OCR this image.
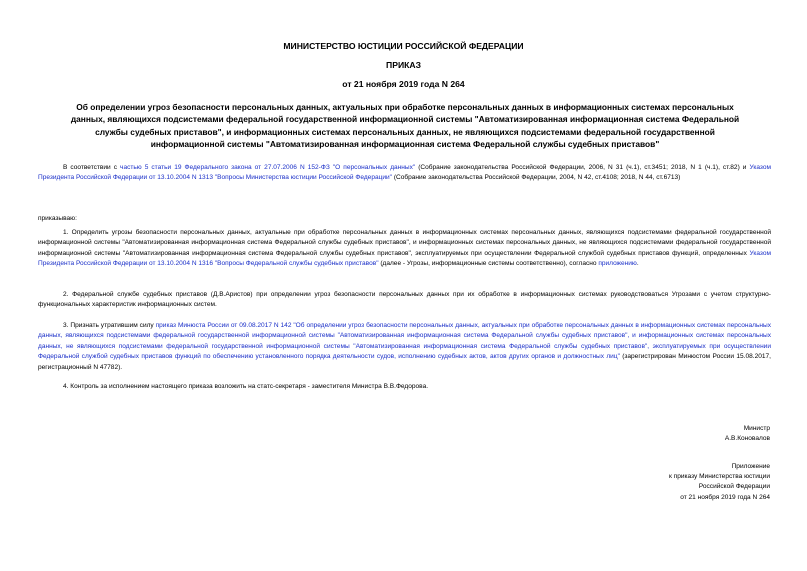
МИНИСТЕРСТВО ЮСТИЦИИ РОССИЙСКОЙ ФЕДЕРАЦИИ
ПРИКАЗ
от 21 ноября 2019 года N 264
Об определении угроз безопасности персональных данных, актуальных при обработке персональных данных в информационных системах персональных данных, являющихся подсистемами федеральной государственной информационной системы "Автоматизированная информационная система Федеральной службы судебных приставов", и информационных системах персональных данных, не являющихся подсистемами федеральной государственной информационной системы "Автоматизированная информационная система Федеральной службы судебных приставов"
В соответствии с частью 5 статьи 19 Федерального закона от 27.07.2006 N 152-ФЗ "О персональных данных" (Собрание законодательства Российской Федерации, 2006, N 31 (ч.1), ст.3451; 2018, N 1 (ч.1), ст.82) и Указом Президента Российской Федерации от 13.10.2004 N 1313 "Вопросы Министерства юстиции Российской Федерации" (Собрание законодательства Российской Федерации, 2004, N 42, ст.4108; 2018, N 44, ст.6713)
приказываю:
1. Определить угрозы безопасности персональных данных, актуальные при обработке персональных данных в информационных системах персональных данных, являющихся подсистемами федеральной государственной информационной системы "Автоматизированная информационная система Федеральной службы судебных приставов", и информационных системах персональных данных, не являющихся подсистемами федеральной государственной информационной системы "Автоматизированная информационная система Федеральной службы судебных приставов", эксплуатируемых при осуществлении Федеральной службой судебных приставов функций, определенных Указом Президента Российской Федерации от 13.10.2004 N 1316 "Вопросы Федеральной службы судебных приставов" (далее - Угрозы, информационные системы соответственно), согласно приложению.
2. Федеральной службе судебных приставов (Д.В.Аристов) при определении угроз безопасности персональных данных при их обработке в информационных системах руководствоваться Угрозами с учетом структурно-функциональных характеристик информационных систем.
3. Признать утратившим силу приказ Минюста России от 09.08.2017 N 142 "Об определении угроз безопасности персональных данных, актуальных при обработке персональных данных в информационных системах персональных данных, являющихся подсистемами федеральной государственной информационной системы "Автоматизированная информационная система Федеральной службы судебных приставов", и информационных системах персональных данных, не являющихся подсистемами федеральной государственной информационной системы "Автоматизированная информационная система Федеральной службы судебных приставов", эксплуатируемых при осуществлении Федеральной службой судебных приставов функций по обеспечению установленного порядка деятельности судов, исполнению судебных актов, актов других органов и должностных лиц" (зарегистрирован Минюстом России 15.08.2017, регистрационный N 47782).
4. Контроль за исполнением настоящего приказа возложить на статс-секретаря - заместителя Министра В.В.Федорова.
Министр
А.В.Коновалов
Приложение
к приказу Министерства юстиции
Российской Федерации
от 21 ноября 2019 года N 264
